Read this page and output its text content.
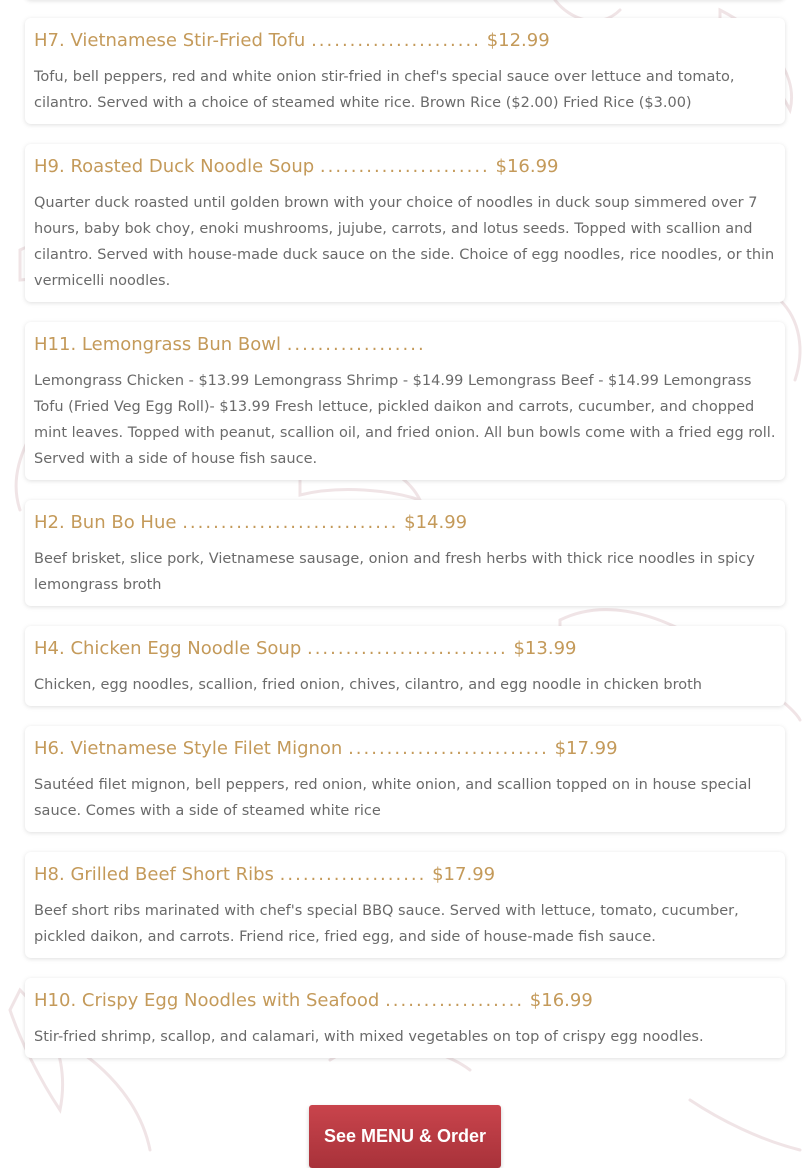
H7. Vietnamese Stir-Fried Tofu ...................... $12.99

Tofu, bell peppers, red and white onion stir-fried in chef's special sauce over lettuce and tomato, cilantro. Served with a choice of steamed white rice. Brown Rice ($2.00) Fried Rice ($3.00)

H9. Roasted Duck Noodle Soup ...................... $16.99

Quarter duck roasted until golden brown with your choice of noodles in duck soup simmered over 7 hours, baby bok choy, enoki mushrooms, jujube, carrots, and lotus seeds. Topped with scallion and cilantro. Served with house-made duck sauce on the side. Choice of egg noodles, rice noodles, or thin vermicelli noodles.

H11. Lemongrass Bun Bowl ..................

Lemongrass Chicken - $13.99 Lemongrass Shrimp - $14.99 Lemongrass Beef - $14.99 Lemongrass Tofu (Fried Veg Egg Roll)- $13.99 Fresh lettuce, pickled daikon and carrots, cucumber, and chopped mint leaves. Topped with peanut, scallion oil, and fried onion. All bun bowls come with a fried egg roll. Served with a side of house fish sauce.

H2. Bun Bo Hue ............................ $14.99

Beef brisket, slice pork, Vietnamese sausage, onion and fresh herbs with thick rice noodles in spicy lemongrass broth

H4. Chicken Egg Noodle Soup .......................... $13.99

Chicken, egg noodles, scallion, fried onion, chives, cilantro, and egg noodle in chicken broth

H6. Vietnamese Style Filet Mignon .......................... $17.99

Sautéed filet mignon, bell peppers, red onion, white onion, and scallion topped on in house special sauce. Comes with a side of steamed white rice

H8. Grilled Beef Short Ribs ................... $17.99

Beef short ribs marinated with chef's special BBQ sauce. Served with lettuce, tomato, cucumber, pickled daikon, and carrots. Friend rice, fried egg, and side of house-made fish sauce.

H10. Crispy Egg Noodles with Seafood .................. $16.99

Stir-fried shrimp, scallop, and calamari, with mixed vegetables on top of crispy egg noodles.

See MENU & Order
